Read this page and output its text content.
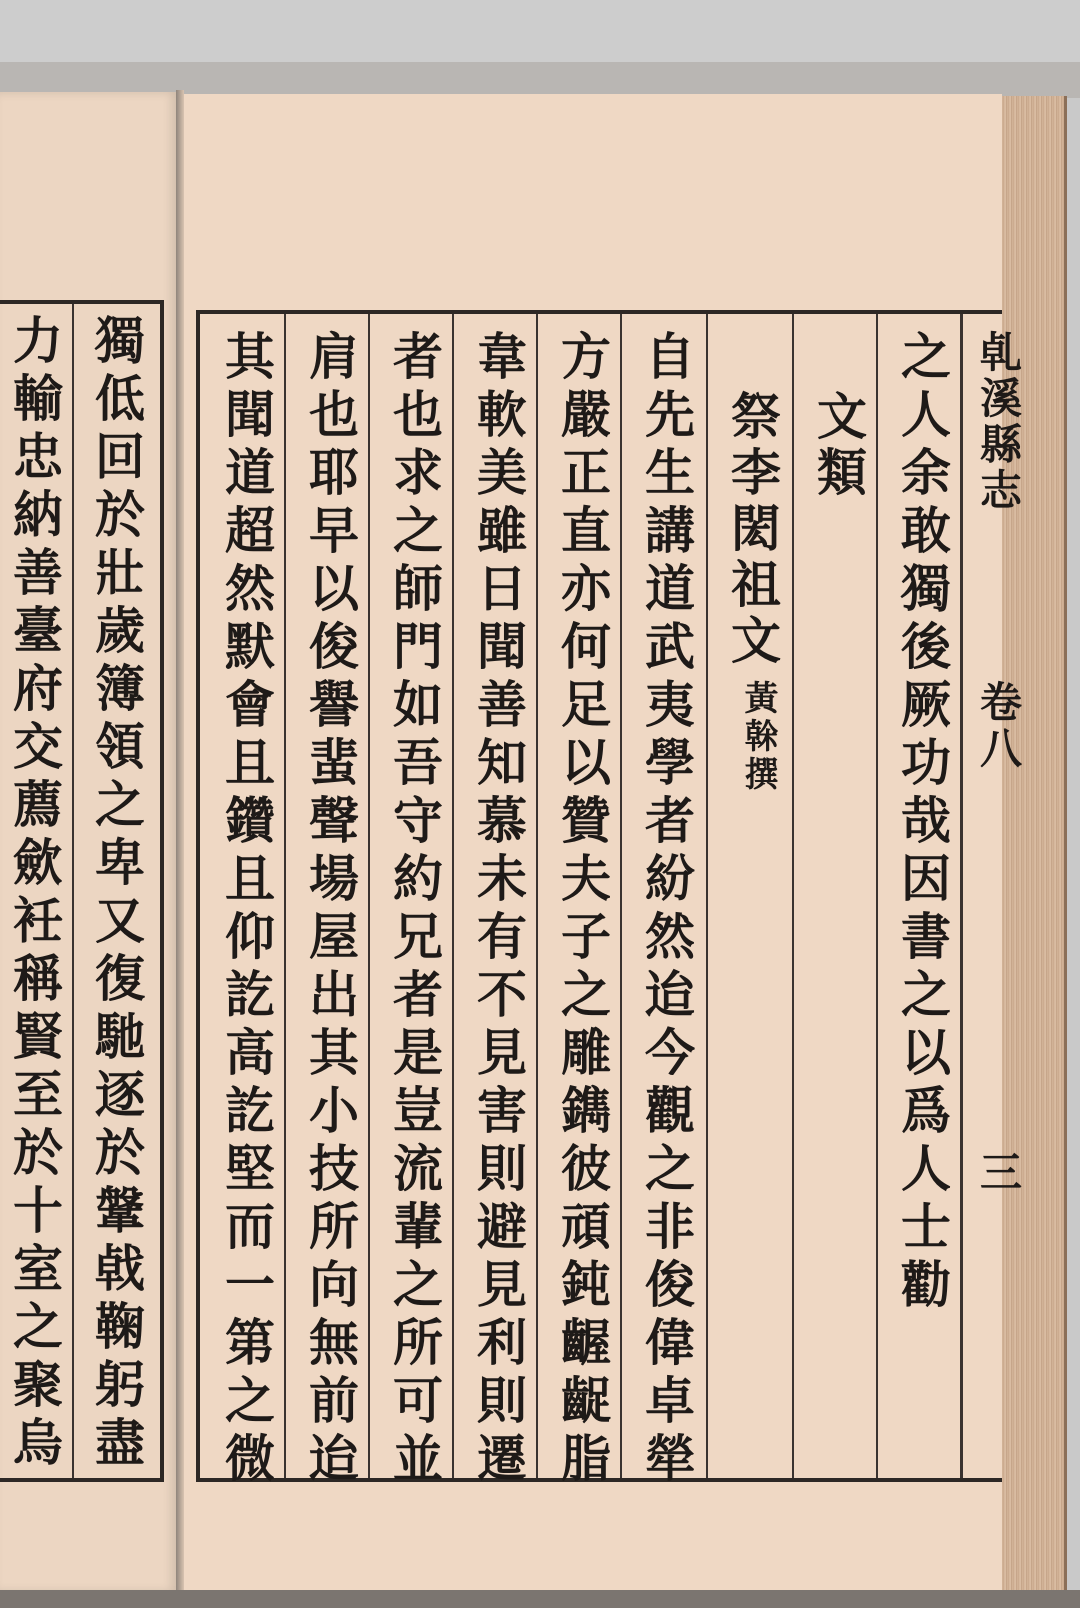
𠃵溪縣志
卷八
三
之人余敢獨後厥功哉因書之以爲人士勸
文類
祭李閎祖文
黃榦撰
自先生講道武夷學者紛然迨今觀之非俊偉卓犖
方嚴正直亦何足以贊夫子之雕鐫彼頑鈍齷齪脂
韋軟美雖日聞善知慕未有不見害則避見利則遷
者也求之師門如吾守約兄者是豈流輩之所可並
肩也耶早以俊譽蜚聲場屋出其小技所向無前迨
其聞道超然默會且鑽且仰訖高訖堅而一第之微
獨低回於壯歲簿領之卑又復馳逐於鞶㦸鞠躬盡
力輸忠納善臺府交薦歛衽稱賢至於十室之聚烏
